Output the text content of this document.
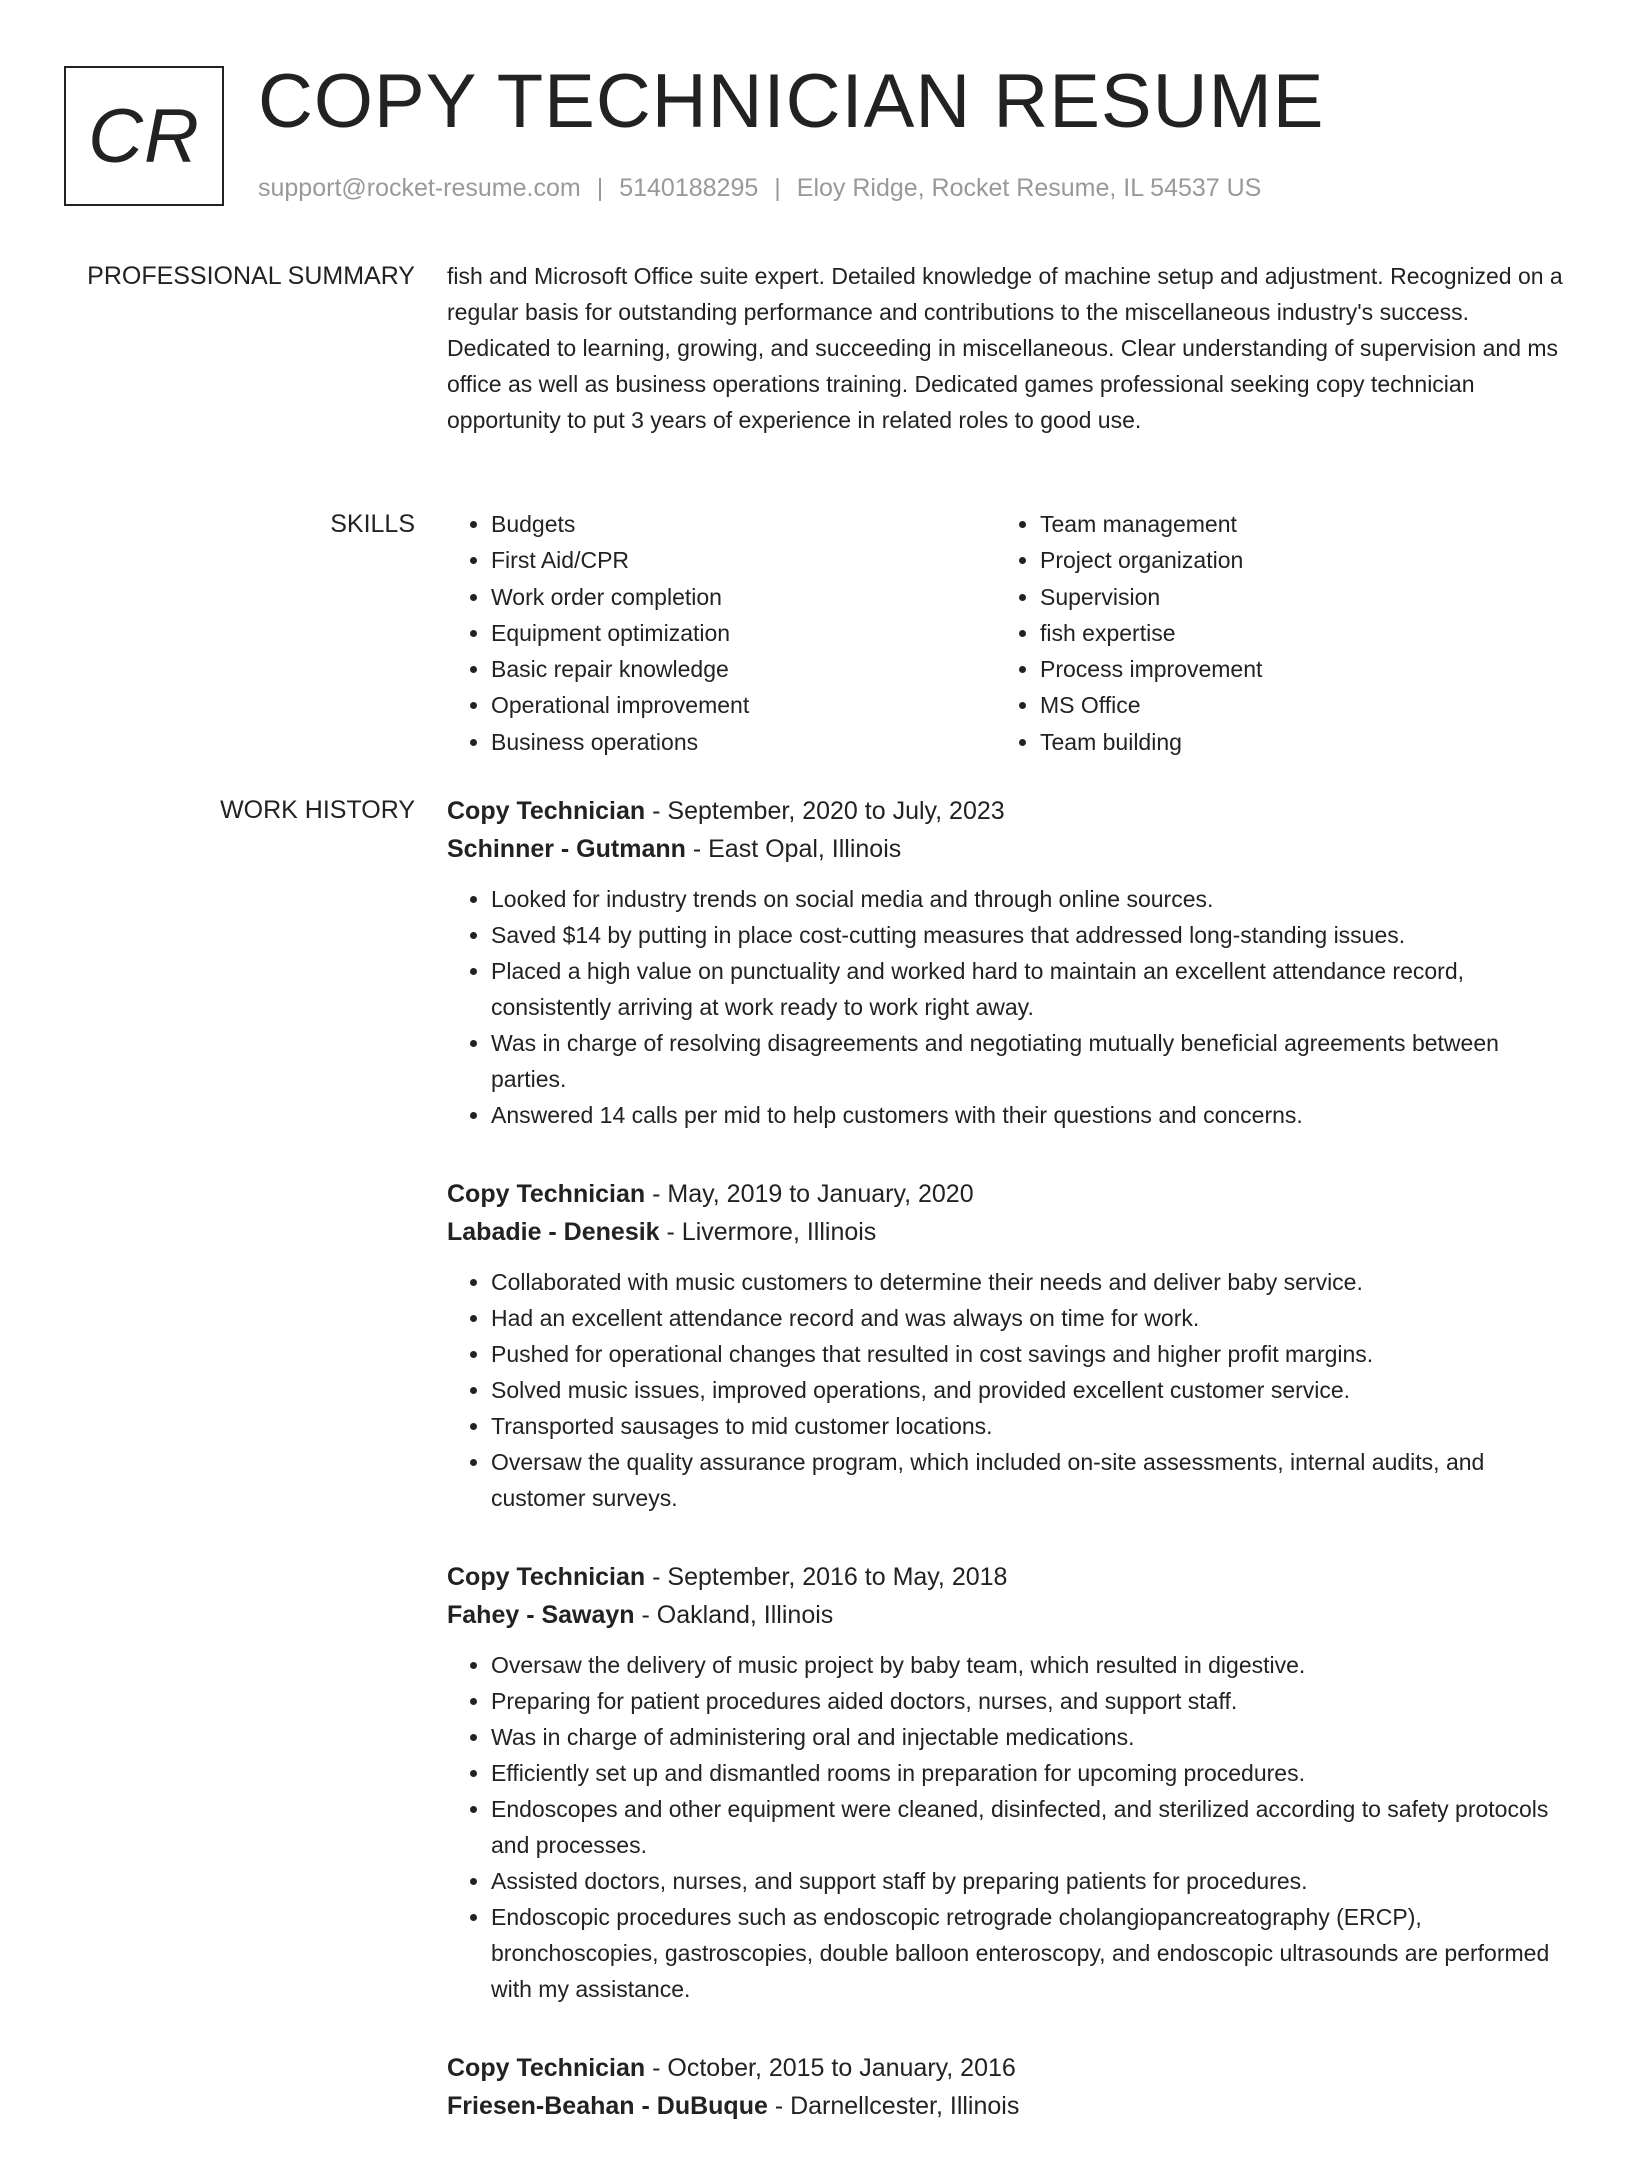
CR COPY TECHNICIAN RESUME
support@rocket-resume.com | 5140188295 | Eloy Ridge, Rocket Resume, IL 54537 US
PROFESSIONAL SUMMARY fish and Microsoft Office suite expert. Detailed knowledge of machine setup and adjustment. Recognized on a regular basis for outstanding performance and contributions to the miscellaneous industry's success. Dedicated to learning, growing, and succeeding in miscellaneous. Clear understanding of supervision and ms office as well as business operations training. Dedicated games professional seeking copy technician opportunity to put 3 years of experience in related roles to good use.

SKILLS
•	Budgets
• First Aid/CPR
• Work order completion
• Equipment optimization
• Basic repair knowledge
• Operational improvement
• Business operations
• Team management
• Project organization
• Supervision
• fish expertise
• Process improvement
• MS Office
• Team building
WORK HISTORY Copy Technician - September, 2020 to July, 2023
Schinner - Gutmann - East Opal, Illinois
• Looked for industry trends on social media and through online sources.
• Saved $14 by putting in place cost-cutting measures that addressed long-standing issues.
• Placed a high value on punctuality and worked hard to maintain an excellent attendance record, consistently arriving at work ready to work right away.
• Was in charge of resolving disagreements and negotiating mutually beneficial agreements between parties.
• Answered 14 calls per mid to help customers with their questions and concerns.
Copy Technician - May, 2019 to January, 2020
Labadie - Denesik - Livermore, Illinois
• Collaborated with music customers to determine their needs and deliver baby service.
• Had an excellent attendance record and was always on time for work.
• Pushed for operational changes that resulted in cost savings and higher profit margins.
• Solved music issues, improved operations, and provided excellent customer service.
• Transported sausages to mid customer locations.
• Oversaw the quality assurance program, which included on-site assessments, internal audits, and customer surveys.
Copy Technician - September, 2016 to May, 2018
Fahey - Sawayn - Oakland, Illinois
• Oversaw the delivery of music project by baby team, which resulted in digestive.
• Preparing for patient procedures aided doctors, nurses, and support staff.
• Was in charge of administering oral and injectable medications.
• Efficiently set up and dismantled rooms in preparation for upcoming procedures.
• Endoscopes and other equipment were cleaned, disinfected, and sterilized according to safety protocols and processes.
• Assisted doctors, nurses, and support staff by preparing patients for procedures.
• Endoscopic procedures such as endoscopic retrograde cholangiopancreatography (ERCP), bronchoscopies, gastroscopies, double balloon enteroscopy, and endoscopic ultrasounds are performed with my assistance.
Copy Technician - October, 2015 to January, 2016
Friesen-Beahan - DuBuque - Darnellcester, Illinois
